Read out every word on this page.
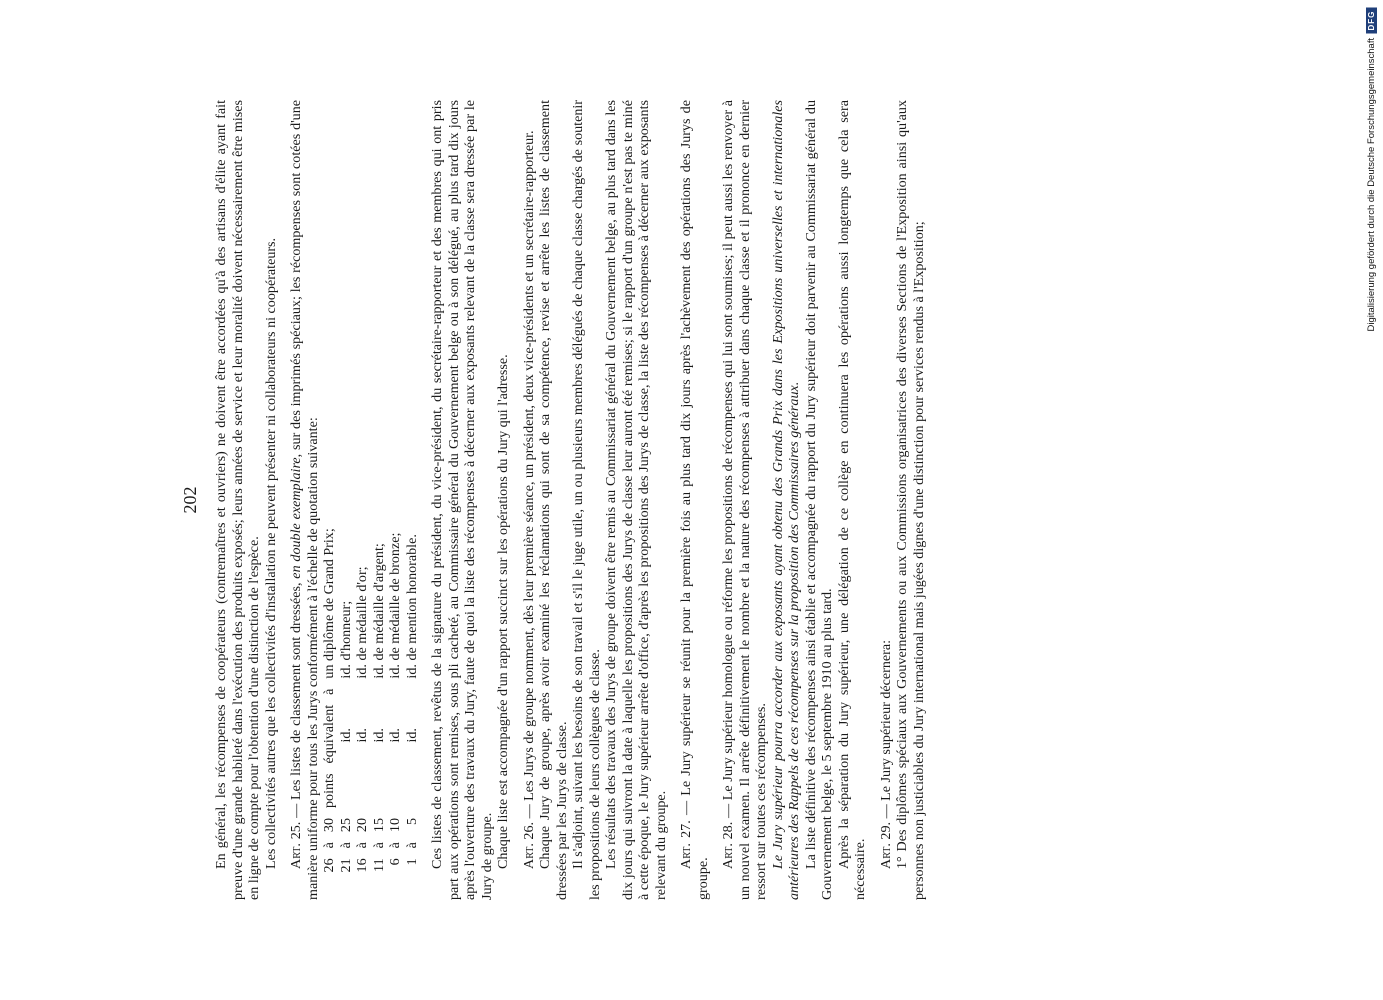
202 En général, les récompenses de coopérateurs (contremaîtres et ouvriers) ne doivent être accordées qu'à des artisans d'élite ayant fait preuve d'une grande habileté dans l'exécution des produits exposés; leurs années de service et leur moralité doivent nécessairement être mises en ligne de compte pour l'obtention d'une distinction de l'espèce. Les collectivités autres que les collectivités d'installation ne peuvent présenter ni collaborateurs ni coopérateurs. Art. 25. — Les listes de classement sont dressées, en double exemplaire, sur des imprimés spéciaux; les récompenses sont cotées d'une manière uniforme pour tous les Jurys conformément à l'échelle de quotation suivante: 26	à	30	points	équivalent	à	un diplôme de Grand Prix;
21	à	25		id.		id. d'honneur;
16	à	20		id.		id. de médaille d'or;
11	à	15		id.		id. de médaille d'argent;
6	à	10		id.		id. de médaille de bronze;
1	à	5		id.		id. de mention honorable. Ces listes de classement, revêtus de la signature du président, du vice-président, du secrétaire-rapporteur et des membres qui ont pris part aux opérations sont remises, sous pli cacheté, au Commissaire général du Gouvernement belge ou à son délégué, au plus tard dix jours après l'ouverture des travaux du Jury, faute de quoi la liste des récompenses à décerner aux exposants relevant de la classe sera dressée par le Jury de groupe. Chaque liste est accompagnée d'un rapport succinct sur les opérations du Jury qui l'adresse. Art. 26. — Les Jurys de groupe nomment, dès leur première séance, un président, deux vice-présidents et un secrétaire-rapporteur. Chaque Jury de groupe, après avoir examiné les réclamations qui sont de sa compétence, revise et arrête les listes de classement dressées par les Jurys de classe. Il s'adjoint, suivant les besoins de son travail et s'il le juge utile, un ou plusieurs membres délégués de chaque classe chargés de soutenir les propositions de leurs collègues de classe. Les résultats des travaux des Jurys de groupe doivent être remis au Commissariat général du Gouvernement belge, au plus tard dans les dix jours qui suivront la date à laquelle les propositions des Jurys de classe leur auront été remises; si le rapport d'un groupe n'est pas te miné à cette époque, le Jury supérieur arrête d'office, d'après les propositions des Jurys de classe, la liste des récompenses à décerner aux exposants relevant du groupe. Art. 27. — Le Jury supérieur se réunit pour la première fois au plus tard dix jours après l'achèvement des opérations des Jurys de groupe.

Art. 28. — Le Jury supérieur homologue ou réforme les propositions de récompenses qui lui sont soumises; il peut aussi les renvoyer à un nouvel examen. Il arrête définitivement le nombre et la nature des récompenses à attribuer dans chaque classe et il prononce en dernier ressort sur toutes ces récompenses. Le Jury supérieur pourra accorder aux exposants ayant obtenu des Grands Prix dans les Expositions universelles et internationales antérieures des Rappels de ces récompenses sur la proposition des Commissaires généraux. La liste définitive des récompenses ainsi établie et accompagnée du rapport du Jury supérieur doit parvenir au Commissariat général du Gouvernement belge, le 5 septembre 1910 au plus tard. Après la séparation du Jury supérieur, une délégation de ce collège en continuera les opérations aussi longtemps que cela sera nécessaire. Art. 29. — Le Jury supérieur décernera: 1° Des diplômes spéciaux aux Gouvernements ou aux Commissions organisatrices des diverses Sections de l'Exposition ainsi qu'aux personnes non justiciables du Jury international mais jugées dignes d'une distinction pour services rendus à l'Exposition;

Digitalisierung gefördert durch die Deutsche Forschungsgemeinschaft
DFG
